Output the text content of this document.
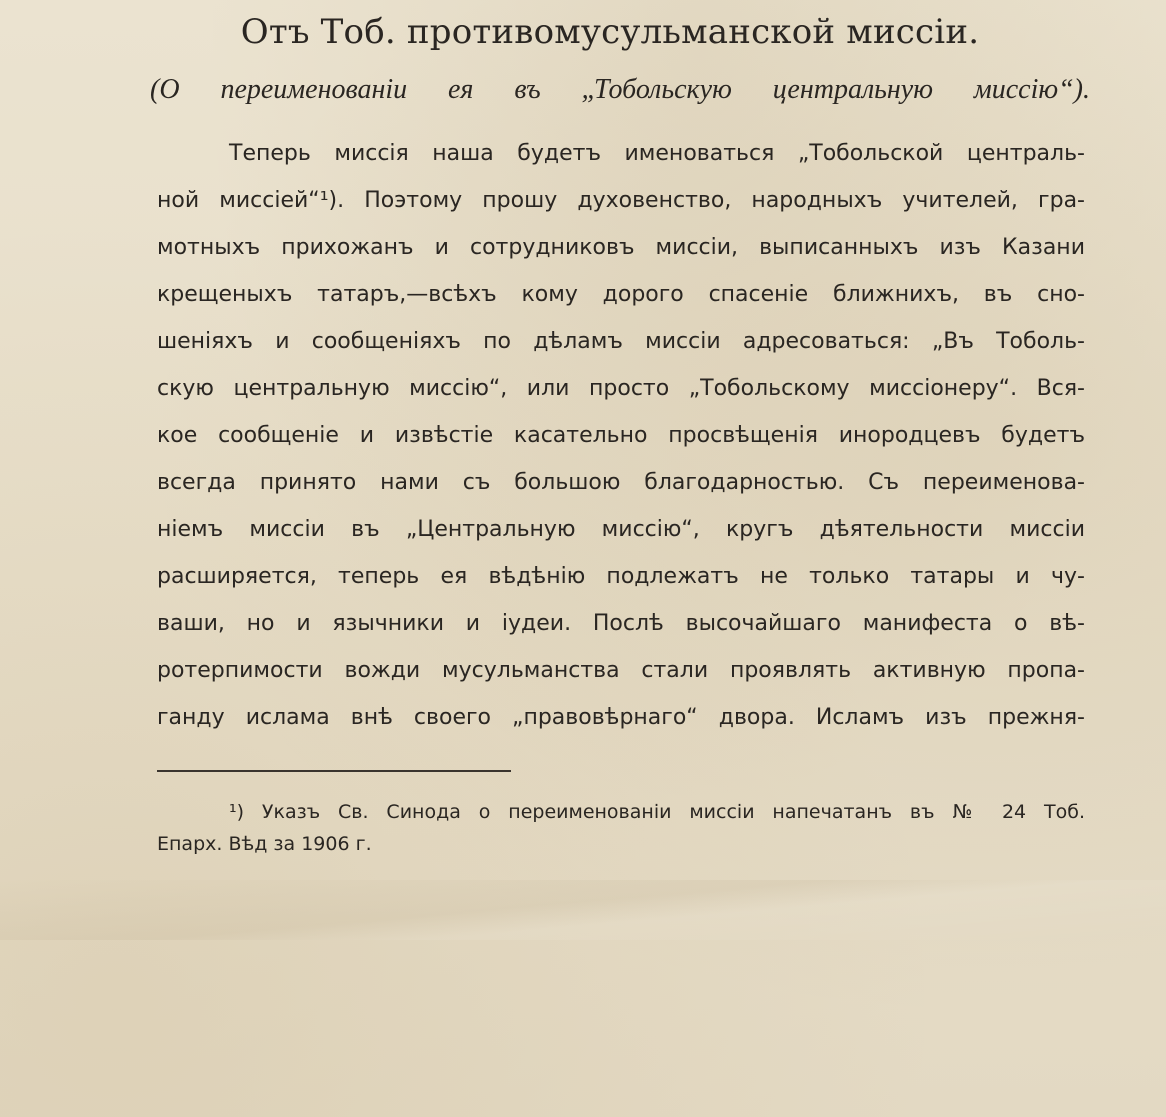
Отъ Тоб. противомусульманской миссіи.

(О переименованіи ея въ „Тобольскую центральную миссію“).

Теперь миссія наша будетъ именоваться „Тобольской централь-
ной миссіей“¹). Поэтому прошу духовенство, народныхъ учителей, гра-
мотныхъ прихожанъ и сотрудниковъ миссіи, выписанныхъ изъ Казани
крещеныхъ татаръ,—всѣхъ кому дорого спасеніе ближнихъ, въ сно-
шеніяхъ и сообщеніяхъ по дѣламъ миссіи адресоваться: „Въ Тоболь-
скую центральную миссію“, или просто „Тобольскому миссіонеру“. Вся-
кое сообщеніе и извѣстіе касательно просвѣщенія инородцевъ будетъ
всегда принято нами съ большою благодарностью. Съ переименова-
ніемъ миссіи въ „Центральную миссію“, кругъ дѣятельности миссіи
расширяется, теперь ея вѣдѣнію подлежатъ не только татары и чу-
ваши, но и язычники и іудеи. Послѣ высочайшаго манифеста о вѣ-
ротерпимости вожди мусульманства стали проявлять активную пропа-
ганду ислама внѣ своего „правовѣрнаго“ двора. Исламъ изъ прежня-
¹) Указъ Св. Синода о переименованіи миссіи напечатанъ въ № 24 Тоб.
Епарх. Вѣд за 1906 г.
